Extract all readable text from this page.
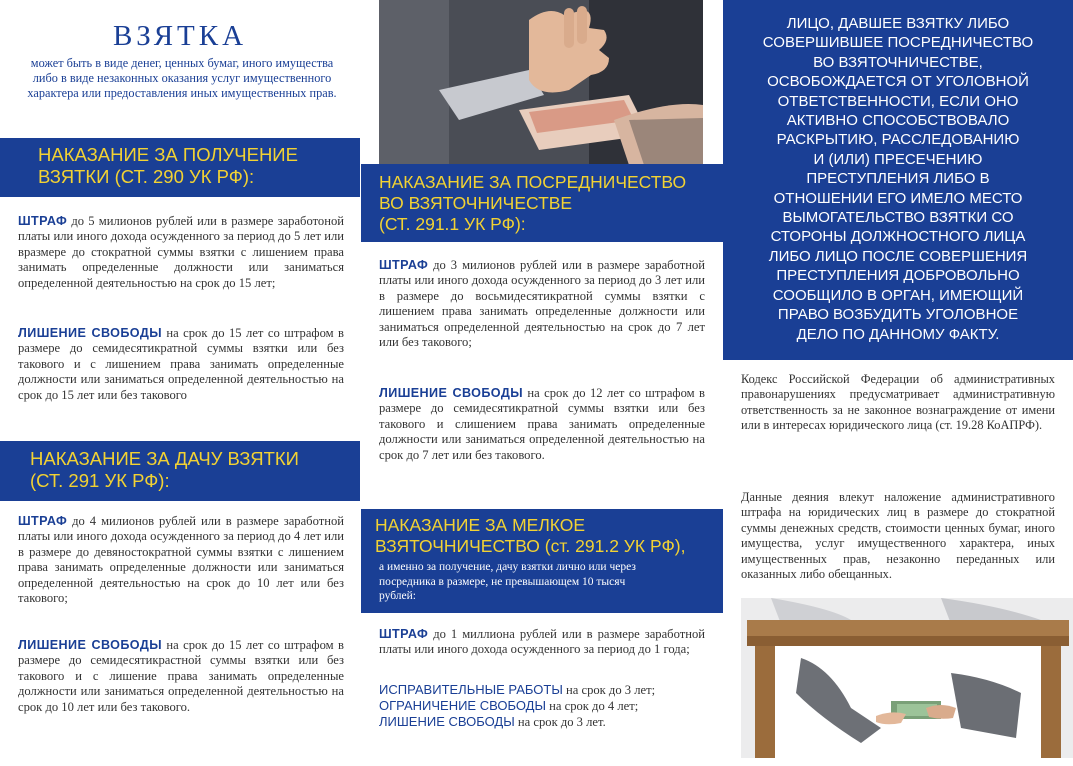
ВЗЯТКА
может быть в виде денег, ценных бумаг, иного имущества либо в виде незаконных оказания услуг имущественного характера или предоставления иных имущественных прав.
НАКАЗАНИЕ ЗА ПОЛУЧЕНИЕ
ВЗЯТКИ (СТ. 290 УК РФ):
ШТРАФ до 5 милионов рублей или в размере заработоной платы или иного дохода осужденного за период до 5 лет или вразмере до стократной суммы взятки с лишением права занимать определенные должности или заниматься определенной деятельностью на срок до 15 лет;
ЛИШЕНИЕ СВОБОДЫ на срок до 15 лет со штрафом в размере до семидесятикратной суммы взятки или без такового и с лишением права занимать определенные должности или заниматься определенной деятельностью на срок до 15 лет или без такового
НАКАЗАНИЕ ЗА ДАЧУ ВЗЯТКИ
(СТ. 291 УК РФ):
ШТРАФ до 4 милионов рублей или в размере заработной платы или иного дохода осужденного за период до 4 лет или в размере до девяностократной суммы взятки с лишением права занимать определенные должности или заниматься определенной деятельностью на срок до 10 лет или без такового;
ЛИШЕНИЕ СВОБОДЫ на срок до 15 лет со штрафом в размере до семидесятикрастной суммы взятки или без такового и с лишение права занимать определенные должности или заниматься определенной деятельностью на срок до 10 лет или без такового.
НАКАЗАНИЕ ЗА ПОСРЕДНИЧЕСТВО
ВО ВЗЯТОЧНИЧЕСТВЕ
(СТ. 291.1 УК РФ):
ШТРАФ до 3 милионов рублей или в размере заработной платы или иного дохода осужденного за период до 3 лет или в размере до восьмидесятикратной суммы взятки с лишением права занимать определенные должности или заниматься определенной деятельностью на срок до 7 лет или без такового;
ЛИШЕНИЕ СВОБОДЫ на срок до 12 лет со штрафом в размере до семидесятикратной суммы взятки или без такового и слишением права занимать определенные должности или заниматься определенной деятельностью на срок до 7 лет или без такового.
НАКАЗАНИЕ ЗА МЕЛКОЕ
ВЗЯТОЧНИЧЕСТВО (ст. 291.2 УК РФ),
а именно за получение, дачу взятки лично или через посредника в размере, не превышающем 10 тысяч рублей:
ШТРАФ до 1 миллиона рублей или в размере заработной платы или иного дохода осужденного за период до 1 года;
ИСПРАВИТЕЛЬНЫЕ РАБОТЫ на срок до 3 лет;
ОГРАНИЧЕНИЕ СВОБОДЫ на срок до 4 лет;
ЛИШЕНИЕ СВОБОДЫ на срок до 3 лет.
ЛИЦО, ДАВШЕЕ ВЗЯТКУ ЛИБО
СОВЕРШИВШЕЕ ПОСРЕДНИЧЕСТВО
ВО ВЗЯТОЧНИЧЕСТВЕ,
ОСВОБОЖДАЕТСЯ ОТ УГОЛОВНОЙ
ОТВЕТСТВЕННОСТИ, ЕСЛИ ОНО
АКТИВНО СПОСОБСТВОВАЛО
РАСКРЫТИЮ, РАССЛЕДОВАНИЮ
И (ИЛИ) ПРЕСЕЧЕНИЮ
ПРЕСТУПЛЕНИЯ ЛИБО В
ОТНОШЕНИИ ЕГО ИМЕЛО МЕСТО
ВЫМОГАТЕЛЬСТВО ВЗЯТКИ СО
СТОРОНЫ ДОЛЖНОСТНОГО ЛИЦА
ЛИБО ЛИЦО ПОСЛЕ СОВЕРШЕНИЯ
ПРЕСТУПЛЕНИЯ ДОБРОВОЛЬНО
СООБЩИЛО В ОРГАН, ИМЕЮЩИЙ
ПРАВО ВОЗБУДИТЬ УГОЛОВНОЕ
ДЕЛО ПО ДАННОМУ ФАКТУ.
Кодекс Российской Федерации об административных правонарушениях предусматривает административную ответственность за не законное вознаграждение от имени или в интересах юридического лица (ст. 19.28 КоАПРФ).
Данные деяния влекут наложение административного штрафа на юридических лиц в размере до стократной суммы денежных средств, стоимости ценных бумаг, иного имущества, услуг имущественного характера, иных имущественных прав, незаконно переданных или оказанных либо обещанных.
